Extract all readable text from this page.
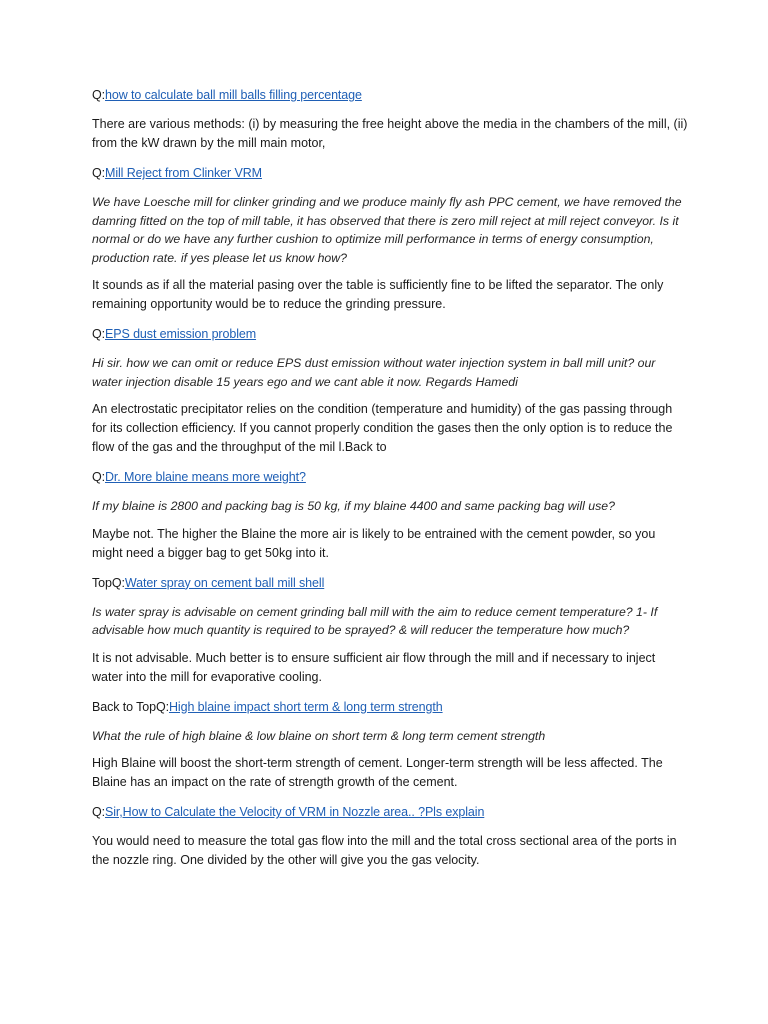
Q:how to calculate ball mill balls filling percentage

There are various methods: (i) by measuring the free height above the media in the chambers of the mill, (ii) from the kW drawn by the mill main motor,

Q:Mill Reject from Clinker VRM

We have Loesche mill for clinker grinding and we produce mainly fly ash PPC cement, we have removed the damring fitted on the top of mill table, it has observed that there is zero mill reject at mill reject conveyor. Is it normal or do we have any further cushion to optimize mill performance in terms of energy consumption, production rate. if yes please let us know how?

It sounds as if all the material pasing over the table is sufficiently fine to be lifted the separator. The only remaining opportunity would be to reduce the grinding pressure.

Q:EPS dust emission problem

Hi sir. how we can omit or reduce EPS dust emission without water injection system in ball mill unit? our water injection disable 15 years ego and we cant able it now. Regards Hamedi

An electrostatic precipitator relies on the condition (temperature and humidity) of the gas passing through for its collection efficiency. If you cannot properly condition the gases then the only option is to reduce the flow of the gas and the throughput of the mil l.Back to

Q:Dr. More blaine means more weight?

If my blaine is 2800 and packing bag is 50 kg, if my blaine 4400 and same packing bag will use?

Maybe not. The higher the Blaine the more air is likely to be entrained with the cement powder, so you might need a bigger bag to get 50kg into it.

TopQ:Water spray on cement ball mill shell

Is water spray is advisable on cement grinding ball mill with the aim to reduce cement temperature? 1- If advisable how much quantity is required to be sprayed? & will reducer the temperature how much?

It is not advisable. Much better is to ensure sufficient air flow through the mill and if necessary to inject water into the mill for evaporative cooling.

Back to TopQ:High blaine impact short term & long term strength

What the rule of high blaine & low blaine on short term & long term cement strength

High Blaine will boost the short-term strength of cement. Longer-term strength will be less affected. The Blaine has an impact on the rate of strength growth of the cement.

Q:Sir,How to Calculate the Velocity of VRM in Nozzle area.. ?Pls explain

You would need to measure the total gas flow into the mill and the total cross sectional area of the ports in the nozzle ring. One divided by the other will give you the gas velocity.
